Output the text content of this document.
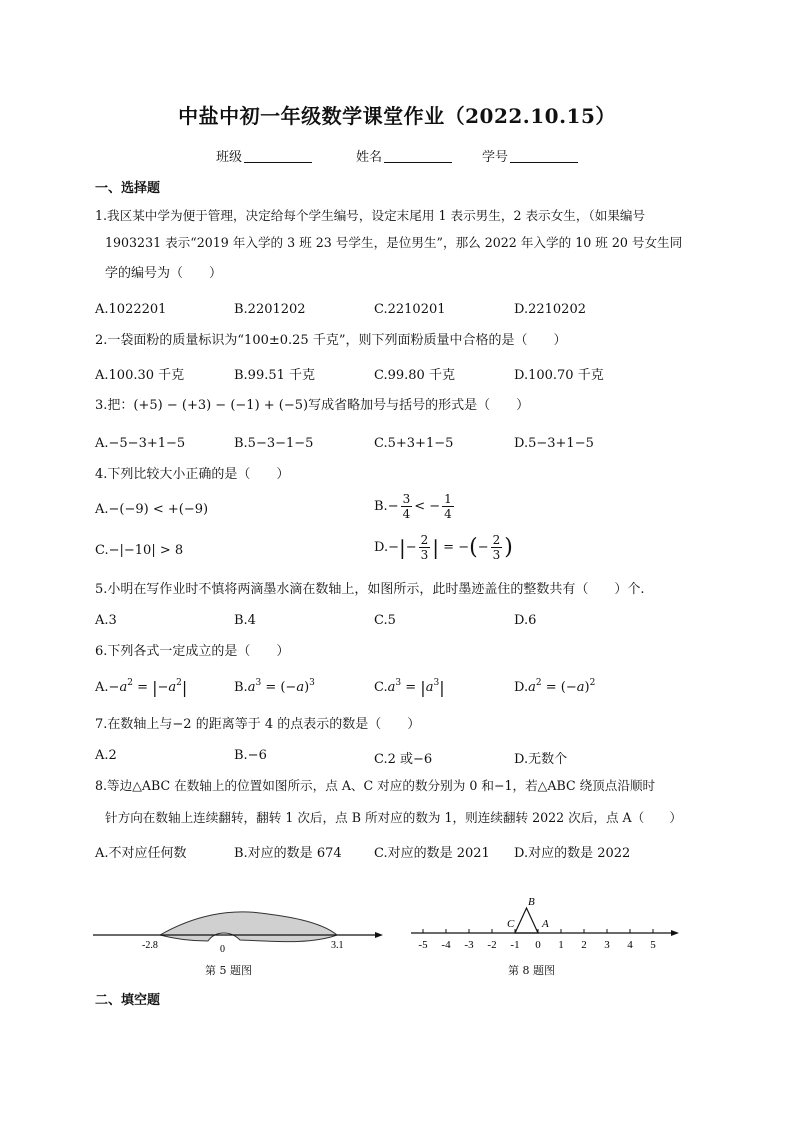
中盐中初一年级数学课堂作业（2022.10.15）
班级	姓名	学号
一、选择题
1.我区某中学为便于管理，决定给每个学生编号，设定末尾用 1 表示男生，2 表示女生，（如果编号
1903231 表示“2019 年入学的 3 班 23 号学生，是位男生”，那么 2022 年入学的 10 班 20 号女生同
学的编号为（　　）
A.1022201	B.2201202	C.2210201	D.2210202
2.一袋面粉的质量标识为“100±0.25 千克”，则下列面粉质量中合格的是（　　）
A.100.30 千克	B.99.51 千克	C.99.80 千克	D.100.70 千克
3.把：(+5) − (+3) − (−1) + (−5)写成省略加号与括号的形式是（　　）
A.−5−3+1−5	B.5−3−1−5	C.5+3+1−5	D.5−3+1−5
4.下列比较大小正确的是（　　）
A.−(−9) < +(−9)	$B.- \frac{3}{4}$ < − $\frac{1}{4}$
C.−|−10| > 8	$D.-|- \frac{2}{3}$ | = −(− $\frac{2}{3}$ )
5.小明在写作业时不慎将两滴墨水滴在数轴上，如图所示，此时墨迹盖住的整数共有（　　）个.
A.3	B.4	C.5	D.6
6.下列各式一定成立的是（　　）
$A.-a^2 = |-a^2|$	$B.a^3 = (-a)^3$	$C.a^3 = |a^3|$	$D.a^2 = (-a)^2$
7.在数轴上与−2 的距离等于 4 的点表示的数是（　　）
A.2	B.−6	C.2 或−6	D.无数个
8.等边△ABC 在数轴上的位置如图所示，点 A、C 对应的数分别为 0 和−1，若△ABC 绕顶点沿顺时
针方向在数轴上连续翻转，翻转 1 次后，点 B 所对应的数为 1，则连续翻转 2022 次后，点 A（　　）
A.不对应任何数	B.对应的数是 674 C.对应的数是 2021 D.对应的数是 2022
-2.8	0	3.1
第 5 题图
-5 -4 -3 -2 -1 0 1 2 3 4 5
B
C	A
第 8 题图
二、填空题
